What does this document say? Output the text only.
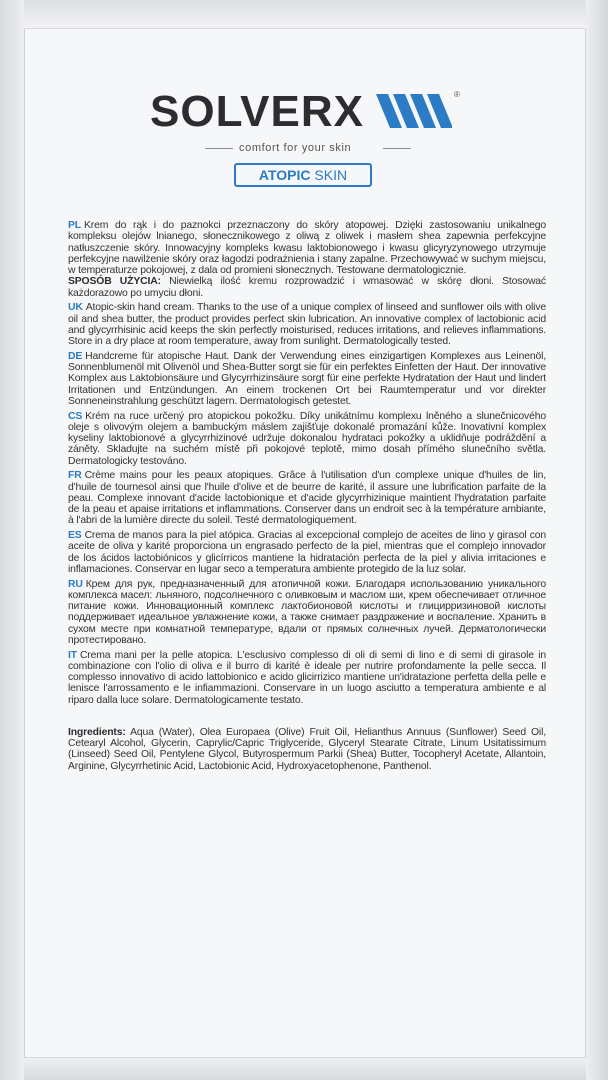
SOLVERX	®
comfort for your skin
ATOPIC SKIN
PL Krem do rąk i do paznokci przeznaczony do skóry atopowej. Dzięki zastosowaniu unikalnego kompleksu olejów lnianego, słonecznikowego z oliwą z oliwek i masłem shea zapewnia perfekcyjne natłuszczenie skóry. Innowacyjny kompleks kwasu laktobionowego i kwasu glicyryzynowego utrzymuje perfekcyjne nawilżenie skóry oraz łagodzi podrażnienia i stany zapalne. Przechowywać w suchym miejscu, w temperaturze pokojowej, z dala od promieni słonecznych. Testowane dermatologicznie.
SPOSÓB UŻYCIA: Niewielką ilość kremu rozprowadzić i wmasować w skórę dłoni. Stosować każdorazowo po umyciu dłoni.
UK Atopic-skin hand cream. Thanks to the use of a unique complex of linseed and sunflower oils with olive oil and shea butter, the product provides perfect skin lubrication. An innovative complex of lactobionic acid and glycyrrhisinic acid keeps the skin perfectly moisturised, reduces irritations, and relieves inflammations. Store in a dry place at room temperature, away from sunlight. Dermatologically tested.
DE Handcreme für atopische Haut. Dank der Verwendung eines einzigartigen Komplexes aus Leinenöl, Sonnenblumenöl mit Olivenöl und Shea-Butter sorgt sie für ein perfektes Einfetten der Haut. Der innovative Komplex aus Laktobionsäure und Glycyrrhizinsäure sorgt für eine perfekte Hydratation der Haut und lindert Irritationen und Entzündungen. An einem trockenen Ort bei Raumtemperatur und vor direkter Sonneneinstrahlung geschützt lagern. Dermatologisch getestet.
CS Krém na ruce určený pro atopickou pokožku. Díky unikátnímu komplexu lněného a slunečnicového oleje s olivovým olejem a bambuckým máslem zajišťuje dokonalé promazání kůže. Inovativní komplex kyseliny laktobionové a glycyrrhizinové udržuje dokonalou hydrataci pokožky a uklidňuje podráždění a záněty. Skladujte na suchém místě při pokojové teplotě, mimo dosah přímého slunečního světla. Dermatologicky testováno.
FR Crème mains pour les peaux atopiques. Grâce à l'utilisation d'un complexe unique d'huiles de lin, d'huile de tournesol ainsi que l'huile d'olive et de beurre de karité, il assure une lubrification parfaite de la peau. Complexe innovant d'acide lactobionique et d'acide glycyrrhizinique maintient l'hydratation parfaite de la peau et apaise irritations et inflammations. Conserver dans un endroit sec à la température ambiante, à l'abri de la lumière directe du soleil. Testé dermatologiquement.
ES Crema de manos para la piel atópica. Gracias al excepcional complejo de aceites de lino y girasol con aceite de oliva y karité proporciona un engrasado perfecto de la piel, mientras que el complejo innovador de los ácidos lactobiónicos y glicírricos mantiene la hidratación perfecta de la piel y alivia irritaciones e inflamaciones. Conservar en lugar seco a temperatura ambiente protegido de la luz solar.
RU Крем для рук, предназначенный для атопичной кожи. Благодаря использованию уникального комплекса масел: льняного, подсолнечного с оливковым и маслом ши, крем обеспечивает отличное питание кожи. Инновационный комплекс лактобионовой кислоты и глицирризиновой кислоты поддерживает идеальное увлажнение кожи, а также снимает раздражение и воспаление. Хранить в сухом месте при комнатной температуре, вдали от прямых солнечных лучей. Дерматологически протестировано.
IT Crema mani per la pelle atopica. L'esclusivo complesso di oli di semi di lino e di semi di girasole in combinazione con l'olio di oliva e il burro di karité è ideale per nutrire profondamente la pelle secca. Il complesso innovativo di acido lattobionico e acido glicirrizico mantiene un'idratazione perfetta della pelle e lenisce l'arrossamento e le infiammazioni. Conservare in un luogo asciutto a temperatura ambiente e al riparo dalla luce solare. Dermatologicamente testato.
Ingredients: Aqua (Water), Olea Europaea (Olive) Fruit Oil, Helianthus Annuus (Sunflower) Seed Oil, Cetearyl Alcohol, Glycerin, Caprylic/Capric Triglyceride, Glyceryl Stearate Citrate, Linum Usitatissimum (Linseed) Seed Oil, Pentylene Glycol, Butyrospermum Parkii (Shea) Butter, Tocopheryl Acetate, Allantoin, Arginine, Glycyrrhetinic Acid, Lactobionic Acid, Hydroxyacetophenone, Panthenol.
